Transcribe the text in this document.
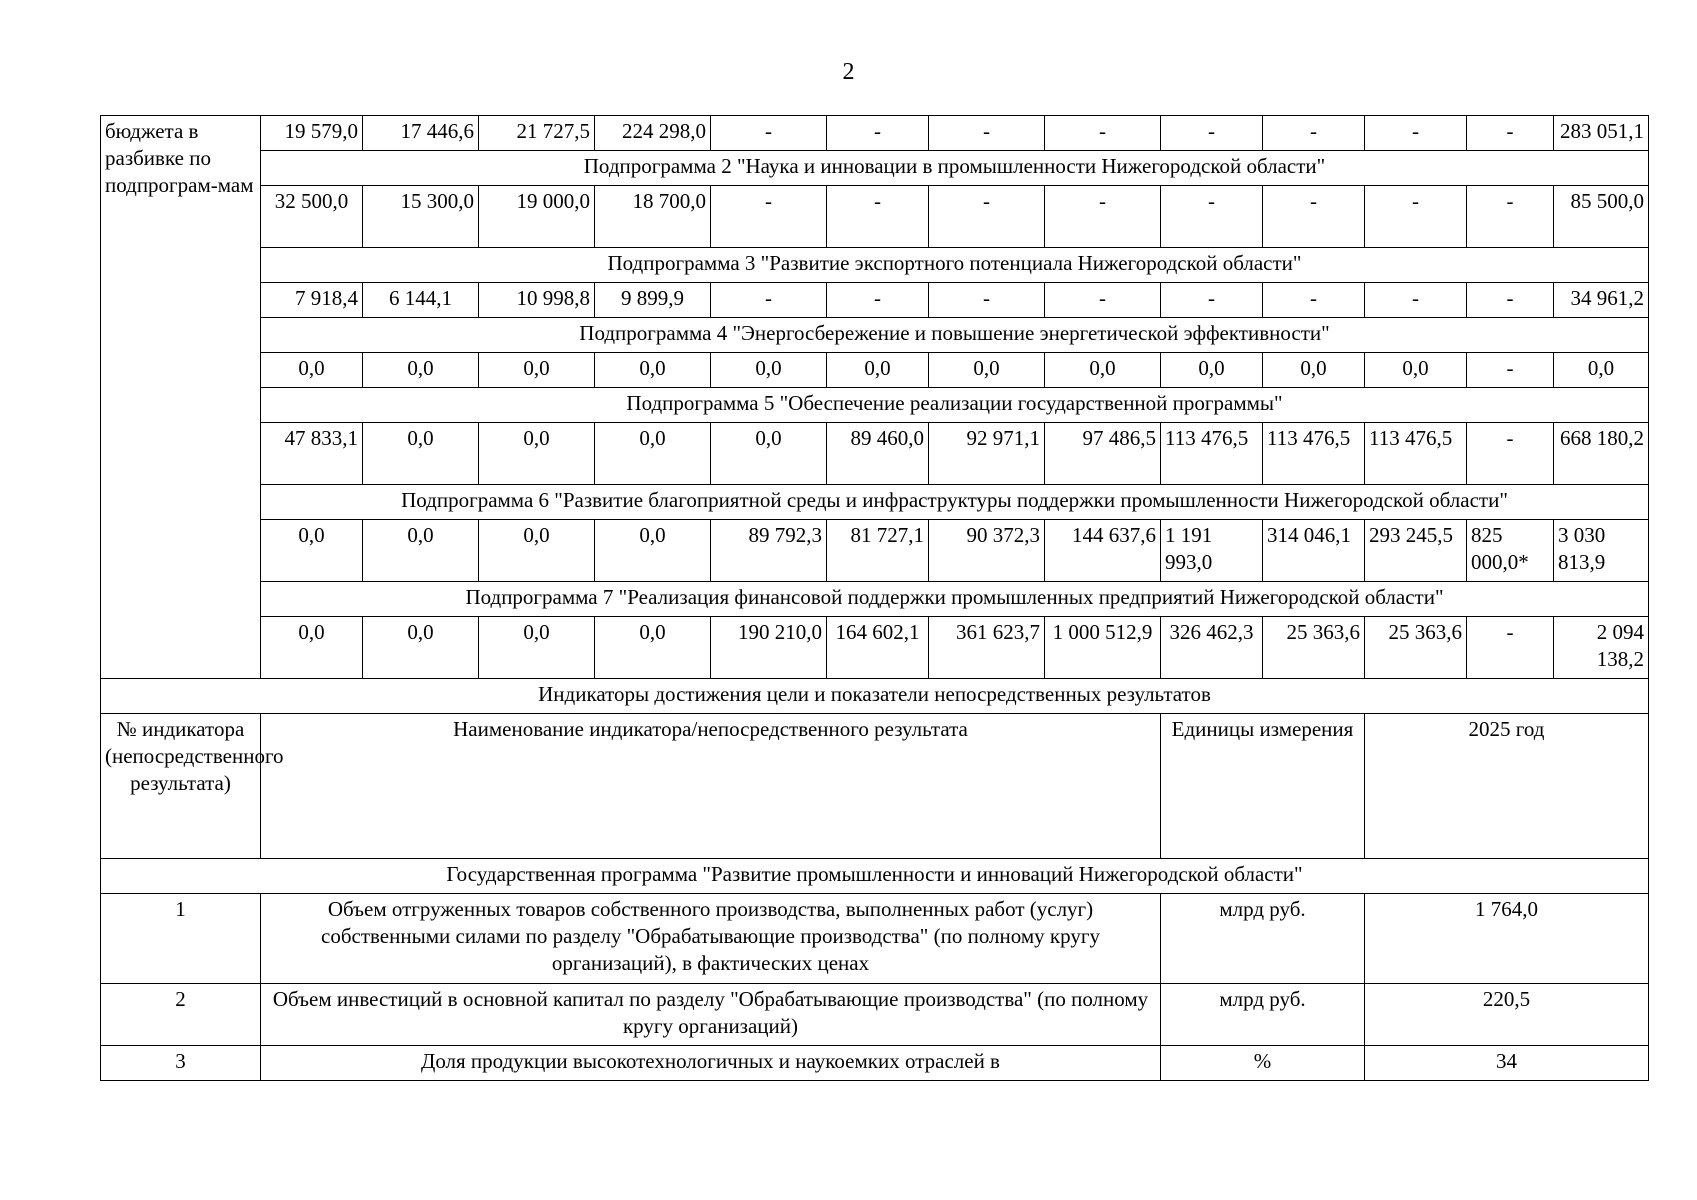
2
бюджета в разбивке по подпрограм-мам	19 579,0	17 446,6	21 727,5	224 298,0	-	-	-	-	-	-	-	-	283 051,1
	Подпрограмма 2 "Наука и инновации в промышленности Нижегородской области"												
	32 500,0	15 300,0	19 000,0	18 700,0	-	-	-	-	-	-	-	-	85 500,0
	Подпрограмма 3 "Развитие экспортного потенциала Нижегородской области"												
	7 918,4	6 144,1	10 998,8	9 899,9	-	-	-	-	-	-	-	-	34 961,2
	Подпрограмма 4 "Энергосбережение и повышение энергетической эффективности"												
	0,0	0,0	0,0	0,0	0,0	0,0	0,0	0,0	0,0	0,0	0,0	-	0,0
	Подпрограмма 5 "Обеспечение реализации государственной программы"												
	47 833,1	0,0	0,0	0,0	0,0	89 460,0	92 971,1	97 486,5	113 476,5	113 476,5	113 476,5	-	668 180,2
	Подпрограмма 6 "Развитие благоприятной среды и инфраструктуры поддержки промышленности Нижегородской области"												
	0,0	0,0	0,0	0,0	89 792,3	81 727,1	90 372,3	144 637,6	1 191 993,0	314 046,1	293 245,5	825 000,0*	3 030 813,9
	Подпрограмма 7 "Реализация финансовой поддержки промышленных предприятий Нижегородской области"												
	0,0	0,0	0,0	0,0	190 210,0	164 602,1	361 623,7	1 000 512,9	326 462,3	25 363,6	25 363,6	-	2 094 138,2
Индикаторы достижения цели и показатели непосредственных результатов													
№ индикатора (непосредственного результата)	Наименование индикатора/непосредственного результата								Единицы измерения		2025 год		
Государственная программа "Развитие промышленности и инноваций Нижегородской области"													
1	Объем отгруженных товаров собственного производства, выполненных работ (услуг) собственными силами по разделу "Обрабатывающие производства" (по полному кругу организаций), в фактических ценах								млрд руб.		1 764,0		
2	Объем инвестиций в основной капитал по разделу "Обрабатывающие производства" (по полному кругу организаций)								млрд руб.		220,5		
3	Доля продукции высокотехнологичных и наукоемких отраслей в								%		34		
